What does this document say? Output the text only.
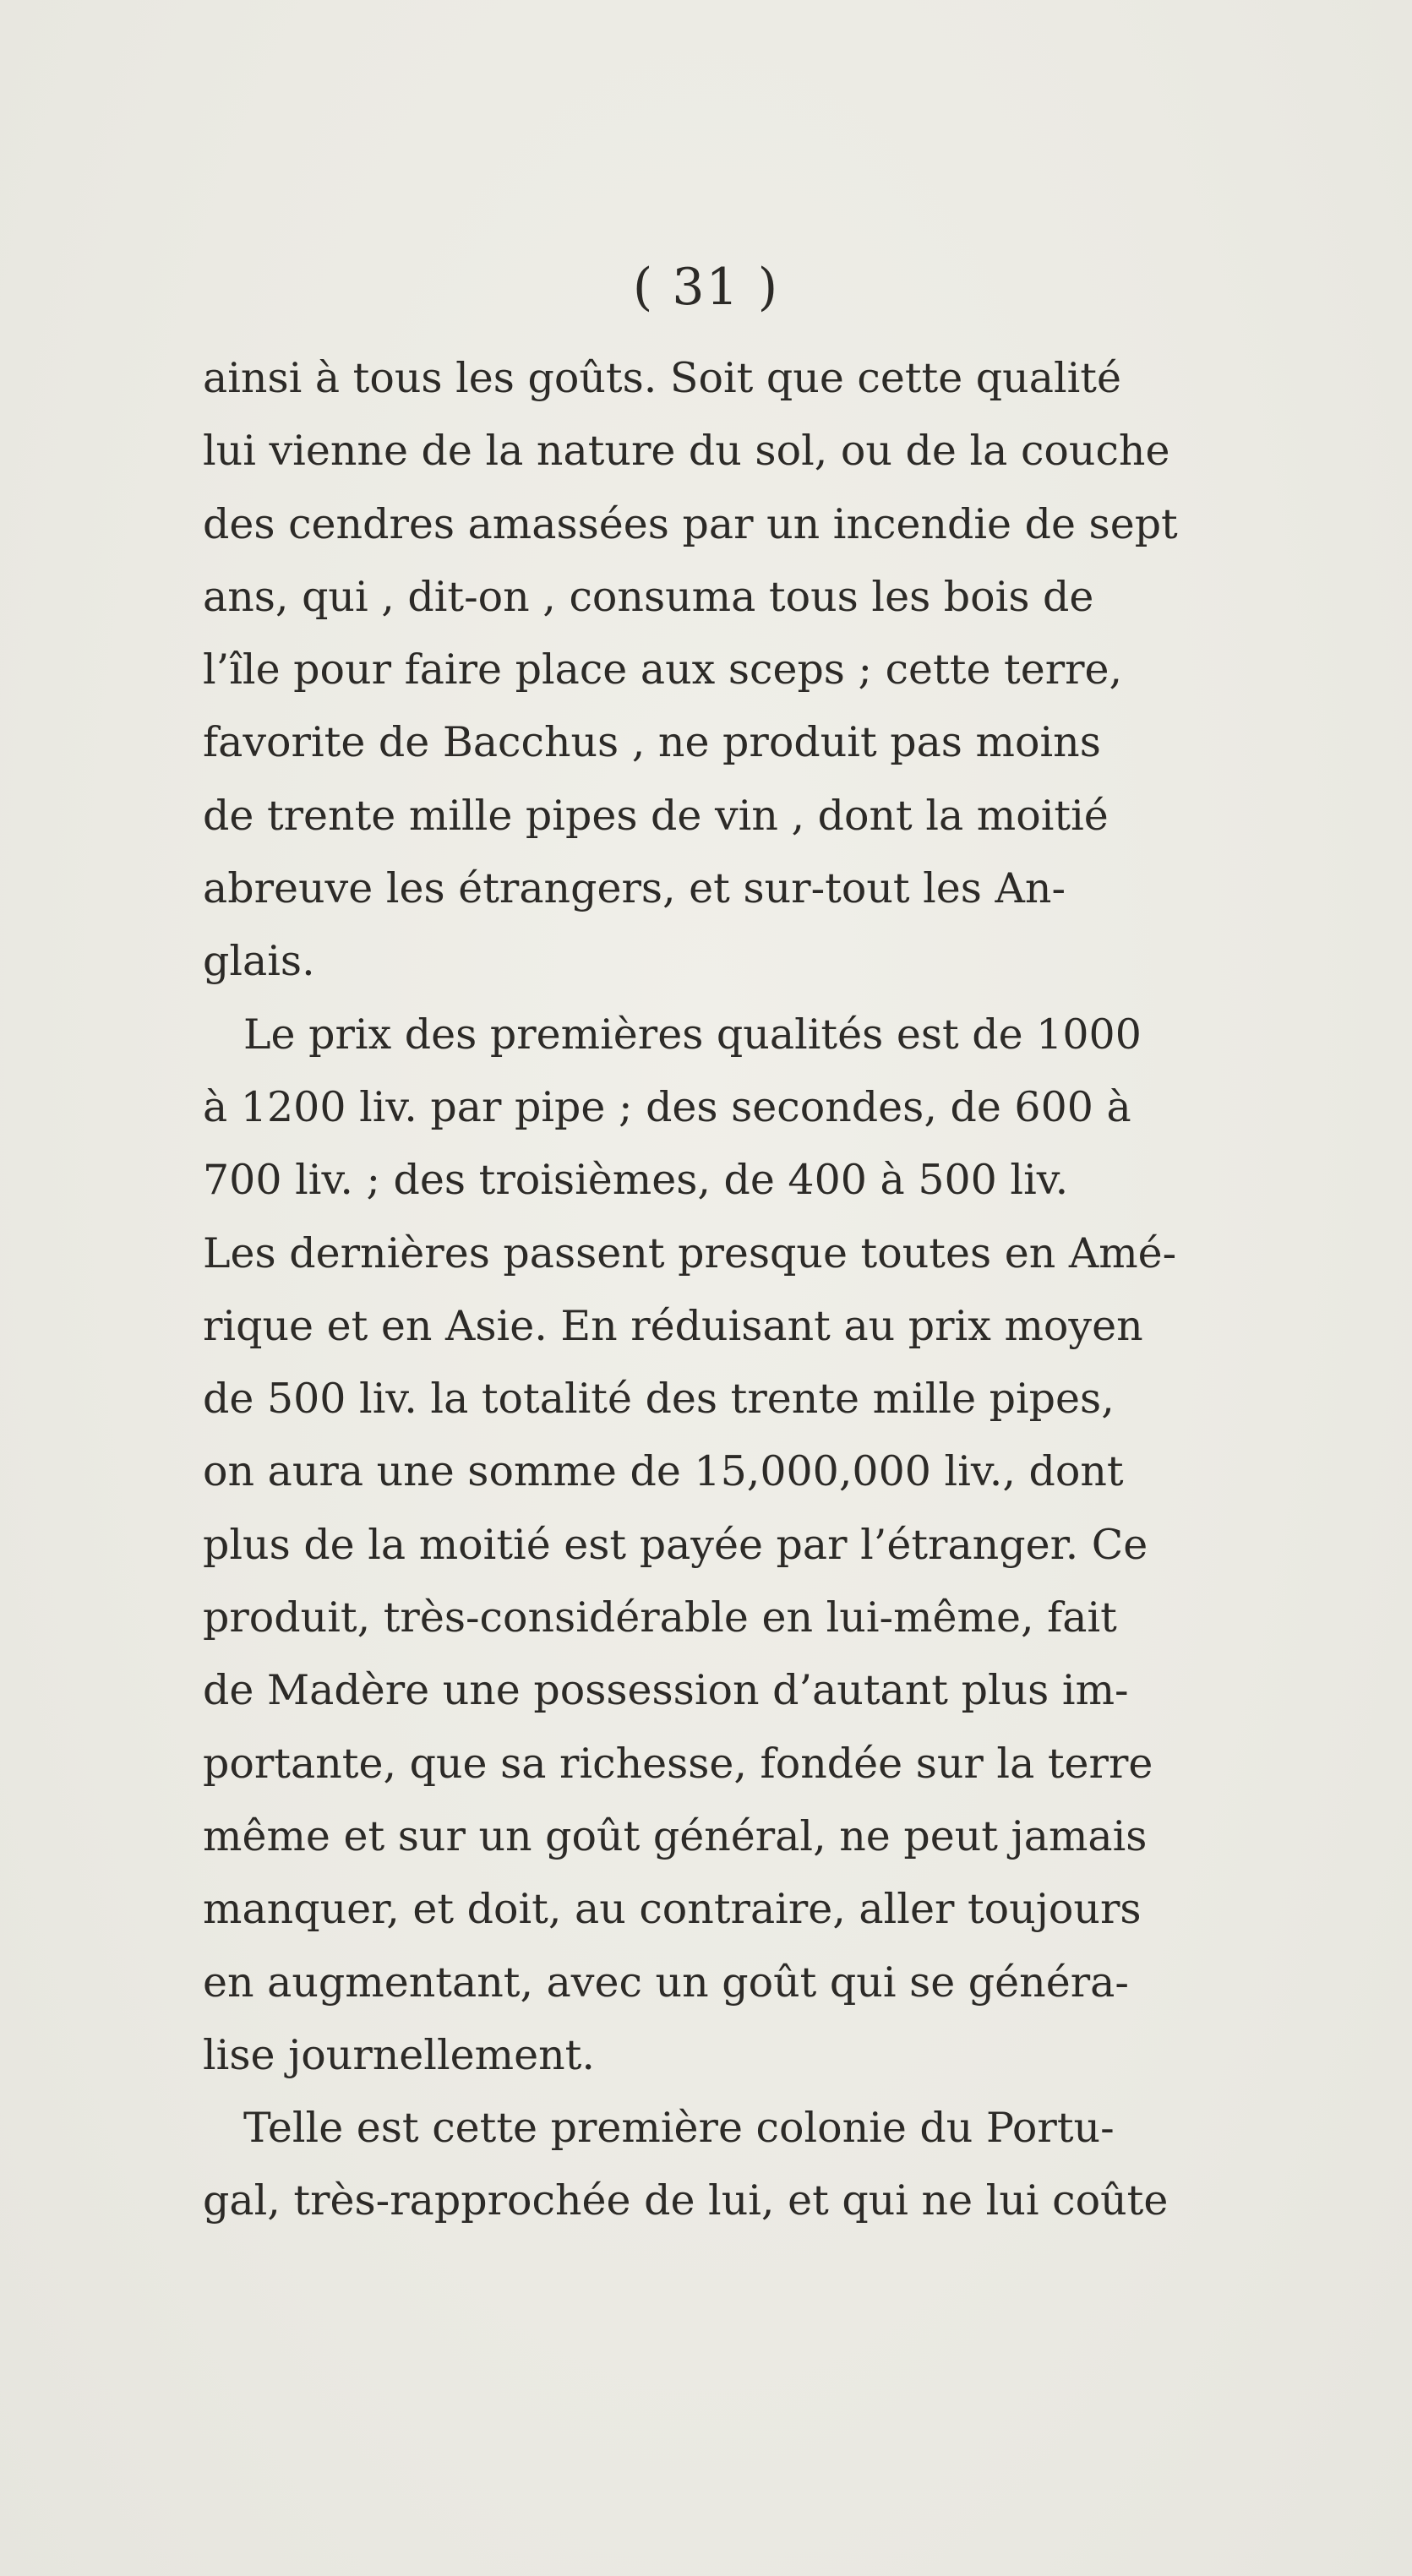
( 31 )
ainsi à tous les goûts. Soit que cette qualité
lui vienne de la nature du sol, ou de la couche
des cendres amassées par un incendie de sept
ans, qui , dit-on , consuma tous les bois de
l’île pour faire place aux sceps ; cette terre,
favorite de Bacchus , ne produit pas moins
de trente mille pipes de vin , dont la moitié
abreuve les étrangers, et sur-tout les An-
glais.
Le prix des premières qualités est de 1000
à 1200 liv. par pipe ; des secondes, de 600 à
700 liv. ; des troisièmes, de 400 à 500 liv.
Les dernières passent presque toutes en Amé-
rique et en Asie. En réduisant au prix moyen
de 500 liv. la totalité des trente mille pipes,
on aura une somme de 15,000,000 liv., dont
plus de la moitié est payée par l’étranger. Ce
produit, très-considérable en lui-même, fait
de Madère une possession d’autant plus im-
portante, que sa richesse, fondée sur la terre
même et sur un goût général, ne peut jamais
manquer, et doit, au contraire, aller toujours
en augmentant, avec un goût qui se généra-
lise journellement.
Telle est cette première colonie du Portu-
gal, très-rapprochée de lui, et qui ne lui coûte
